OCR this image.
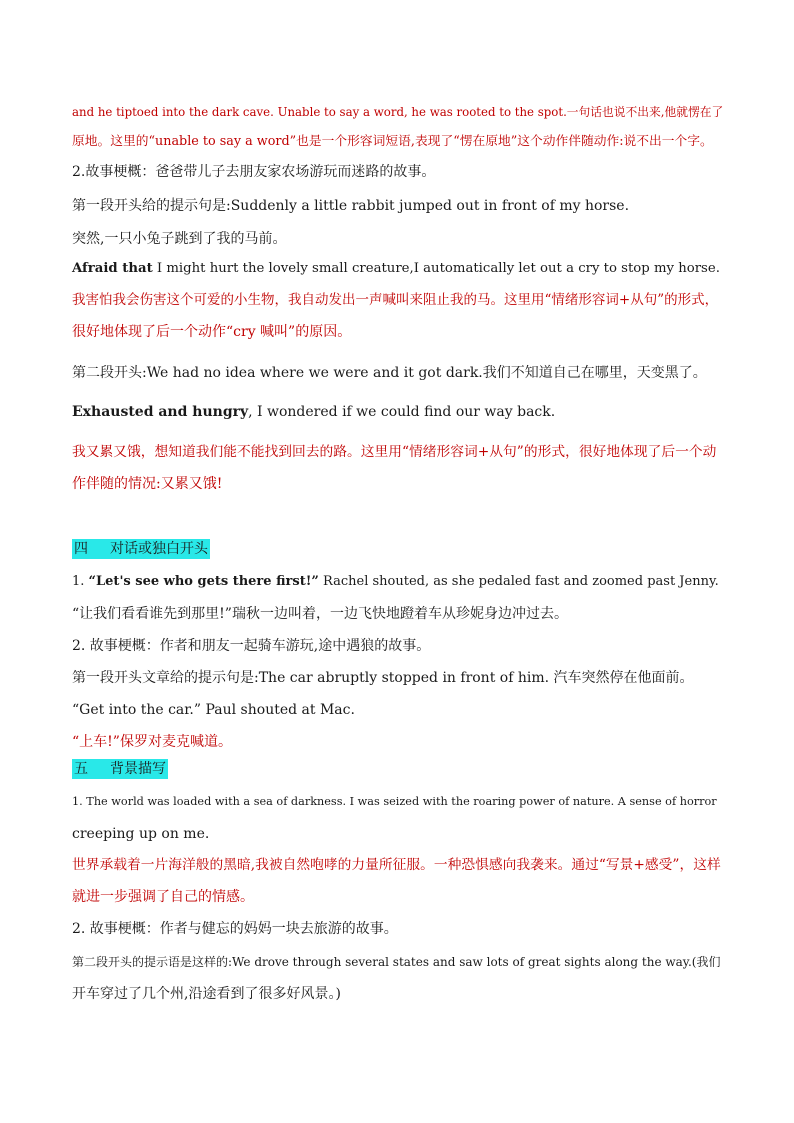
and he tiptoed into the dark cave. Unable to say a word, he was rooted to the spot.一句话也说不出来,他就愣在了

原地。这里的“unable to say a word”也是一个形容词短语,表现了“愣在原地”这个动作伴随动作:说不出一个字。

2.故事梗概：爸爸带儿子去朋友家农场游玩而迷路的故事。

第一段开头给的提示句是:Suddenly a little rabbit jumped out in front of my horse.

突然,一只小兔子跳到了我的马前。

Afraid that I might hurt the lovely small creature,I automatically let out a cry to stop my horse.

我害怕我会伤害这个可爱的小生物，我自动发出一声喊叫来阻止我的马。这里用“情绪形容词+从句”的形式，

很好地体现了后一个动作“cry 喊叫”的原因。

第二段开头:We had no idea where we were and it got dark.我们不知道自己在哪里，天变黑了。

Exhausted and hungry, I wondered if we could find our way back.

我又累又饿，想知道我们能不能找到回去的路。这里用“情绪形容词+从句”的形式，很好地体现了后一个动

作伴随的情况:又累又饿!

四 对话或独白开头

1. “Let's see who gets there first!” Rachel shouted, as she pedaled fast and zoomed past Jenny.

“让我们看看谁先到那里!”瑞秋一边叫着，一边飞快地蹬着车从珍妮身边冲过去。

2. 故事梗概：作者和朋友一起骑车游玩,途中遇狼的故事。

第一段开头文章给的提示句是:The car abruptly stopped in front of him. 汽车突然停在他面前。

“Get into the car.” Paul shouted at Mac.

“上车!”保罗对麦克喊道。

五 背景描写

1. The world was loaded with a sea of darkness. I was seized with the roaring power of nature. A sense of horror

creeping up on me.

世界承载着一片海洋般的黑暗,我被自然咆哮的力量所征服。一种恐惧感向我袭来。通过“写景+感受”，这样

就进一步强调了自己的情感。

2. 故事梗概：作者与健忘的妈妈一块去旅游的故事。

第二段开头的提示语是这样的:We drove through several states and saw lots of great sights along the way.(我们

开车穿过了几个州,沿途看到了很多好风景。)
